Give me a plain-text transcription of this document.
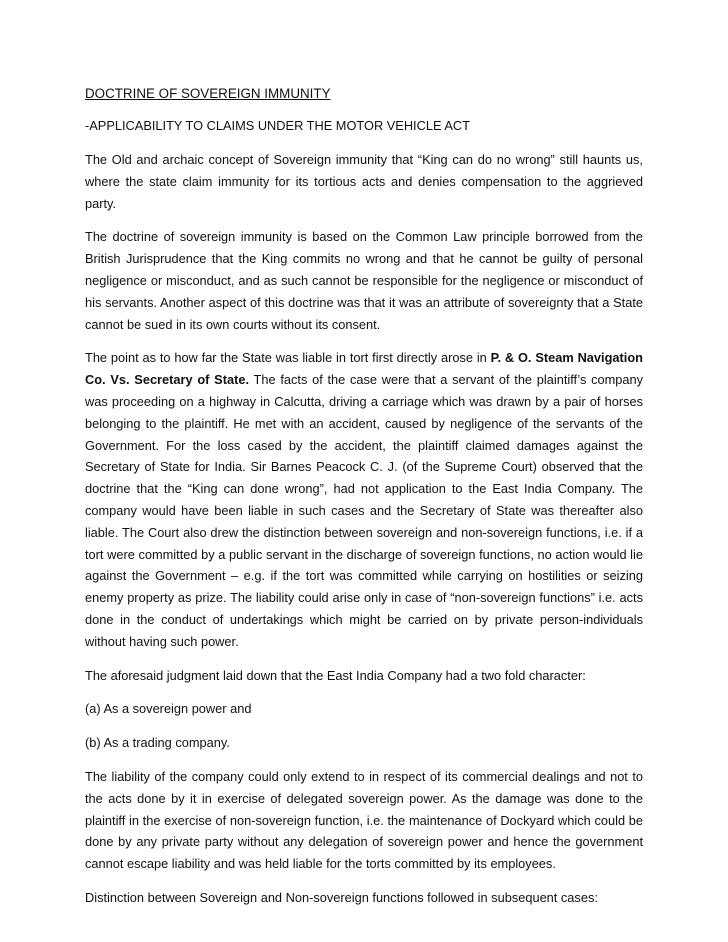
DOCTRINE OF SOVEREIGN IMMUNITY

-APPLICABILITY TO CLAIMS UNDER THE MOTOR VEHICLE ACT

The Old and archaic concept of Sovereign immunity that “King can do no wrong” still haunts us, where the state claim immunity for its tortious acts and denies compensation to the aggrieved party.

The doctrine of sovereign immunity is based on the Common Law principle borrowed from the British Jurisprudence that the King commits no wrong and that he cannot be guilty of personal negligence or misconduct, and as such cannot be responsible for the negligence or misconduct of his servants. Another aspect of this doctrine was that it was an attribute of sovereignty that a State cannot be sued in its own courts without its consent.

The point as to how far the State was liable in tort first directly arose in P. & O. Steam Navigation Co. Vs. Secretary of State. The facts of the case were that a servant of the plaintiff’s company was proceeding on a highway in Calcutta, driving a carriage which was drawn by a pair of horses belonging to the plaintiff. He met with an accident, caused by negligence of the servants of the Government. For the loss cased by the accident, the plaintiff claimed damages against the Secretary of State for India. Sir Barnes Peacock C. J. (of the Supreme Court) observed that the doctrine that the “King can done wrong”, had not application to the East India Company. The company would have been liable in such cases and the Secretary of State was thereafter also liable. The Court also drew the distinction between sovereign and non-sovereign functions, i.e. if a tort were committed by a public servant in the discharge of sovereign functions, no action would lie against the Government – e.g. if the tort was committed while carrying on hostilities or seizing enemy property as prize. The liability could arise only in case of “non-sovereign functions” i.e. acts done in the conduct of undertakings which might be carried on by private person-individuals without having such power.

The aforesaid judgment laid down that the East India Company had a two fold character:

(a) As a sovereign power and

(b) As a trading company.

The liability of the company could only extend to in respect of its commercial dealings and not to the acts done by it in exercise of delegated sovereign power. As the damage was done to the plaintiff in the exercise of non-sovereign function, i.e. the maintenance of Dockyard which could be done by any private party without any delegation of sovereign power and hence the government cannot escape liability and was held liable for the torts committed by its employees.

Distinction between Sovereign and Non-sovereign functions followed in subsequent cases:
